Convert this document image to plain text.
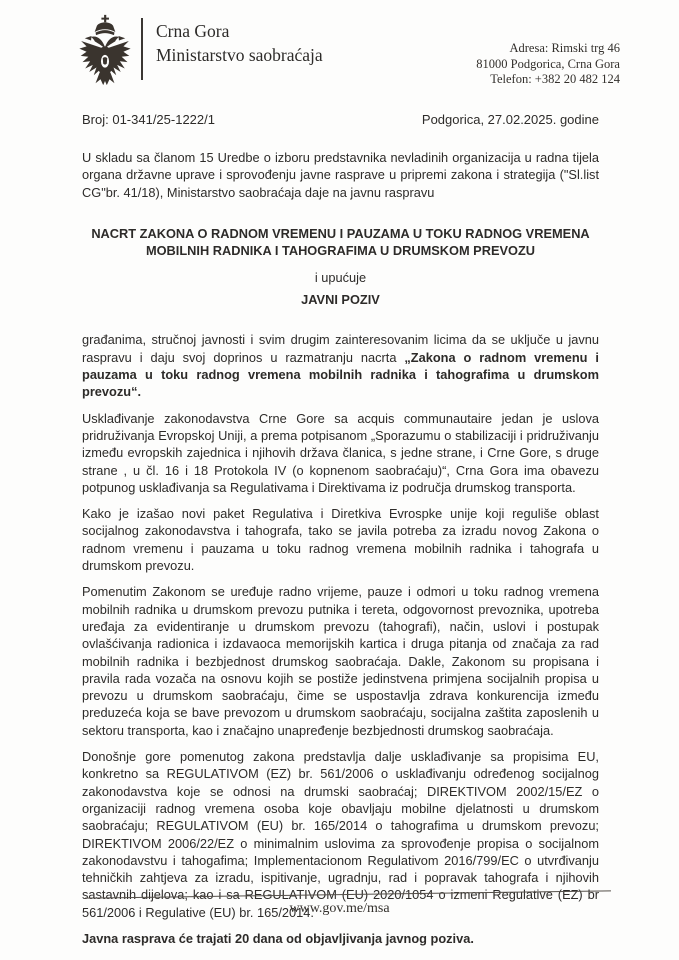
Crna Gora
Ministarstvo saobraćaja	Adresa: Rimski trg 46
81000 Podgorica, Crna Gora
Telefon: +382 20 482 124
Broj: 01-341/25-1222/1	Podgorica, 27.02.2025. godine

U skladu sa članom 15 Uredbe o izboru predstavnika nevladinih organizacija u radna tijela organa državne uprave i sprovođenju javne rasprave u pripremi zakona i strategija ("Sl.list CG"br. 41/18), Ministarstvo saobraćaja daje na javnu raspravu

NACRT ZAKONA O RADNOM VREMENU I PAUZAMA U TOKU RADNOG VREMENA MOBILNIH RADNIKA I TAHOGRAFIMA U DRUMSKOM PREVOZU

i upućuje

JAVNI POZIV

građanima, stručnoj javnosti i svim drugim zainteresovanim licima da se uključe u javnu raspravu i daju svoj doprinos u razmatranju nacrta „Zakona o radnom vremenu i pauzama u toku radnog vremena mobilnih radnika i tahografima u drumskom prevozu“.

Usklađivanje zakonodavstva Crne Gore sa acquis communautaire jedan je uslova pridruživanja Evropskoj Uniji, a prema potpisanom „Sporazumu o stabilizaciji i pridruživanju između evropskih zajednica i njihovih država članica, s jedne strane, i Crne Gore, s druge strane , u čl. 16 i 18 Protokola IV (o kopnenom saobraćaju)“, Crna Gora ima obavezu potpunog usklađivanja sa Regulativama i Direktivama iz područja drumskog transporta.

Kako je izašao novi paket Regulativa i Diretkiva Evrospke unije koji reguliše oblast socijalnog zakonodavstva i tahografa, tako se javila potreba za izradu novog Zakona o radnom vremenu i pauzama u toku radnog vremena mobilnih radnika i tahografa u drumskom prevozu.

Pomenutim Zakonom se uređuje radno vrijeme, pauze i odmori u toku radnog vremena mobilnih radnika u drumskom prevozu putnika i tereta, odgovornost prevoznika, upotreba uređaja za evidentiranje u drumskom prevozu (tahografi), način, uslovi i postupak ovlašćivanja radionica i izdavaoca memorijskih kartica i druga pitanja od značaja za rad mobilnih radnika i bezbjednost drumskog saobraćaja. Dakle, Zakonom su propisana i pravila rada vozača na osnovu kojih se postiže jedinstvena primjena socijalnih propisa u prevozu u drumskom saobraćaju, čime se uspostavlja zdrava konkurencija između preduzeća koja se bave prevozom u drumskom saobraćaju, socijalna zaštita zaposlenih u sektoru transporta, kao i značajno unapređenje bezbjednosti drumskog saobraćaja.

Donošnje gore pomenutog zakona predstavlja dalje usklađivanje sa propisima EU, konkretno sa REGULATIVOM (EZ) br. 561/2006 o usklađivanju određenog socijalnog zakonodavstva koje se odnosi na drumski saobraćaj; DIREKTIVOM 2002/15/EZ o organizaciji radnog vremena osoba koje obavljaju mobilne djelatnosti u drumskom saobraćaju; REGULATIVOM (EU) br. 165/2014 o tahografima u drumskom prevozu; DIREKTIVOM 2006/22/EZ o minimalnim uslovima za sprovođenje propisa o socijalnom zakonodavstvu i tahogafima; Implementacionom Regulativom 2016/799/EC o utvrđivanju tehničkih zahtjeva za izradu, ispitivanje, ugradnju, rad i popravak tahografa i njihovih sastavnih dijelova; kao i sa REGULATIVOM (EU) 2020/1054 o izmeni Regulative (EZ) br 561/2006 i Regulative (EU) br. 165/2014.

Javna rasprava će trajati 20 dana od objavljivanja javnog poziva.

www.gov.me/msa
